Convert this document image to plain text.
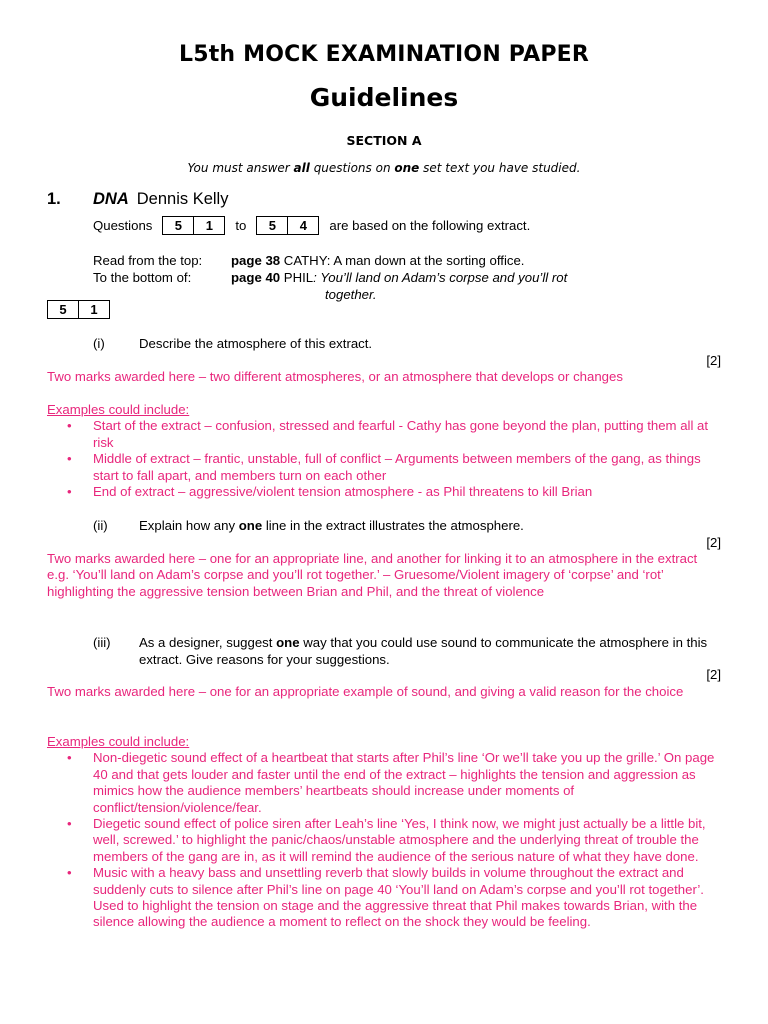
L5th MOCK EXAMINATION PAPER
Guidelines
SECTION A
You must answer all questions on one set text you have studied.
1. DNA Dennis Kelly
Questions	5	1	to	5	4	are based on the following extract.
Read from the top: page 38 CATHY: A man down at the sorting office.
To the bottom of:	page 40 PHIL: You’ll land on Adam’s corpse and you’ll rot
together.
5	1
(i)	Describe the atmosphere of this extract.
[2]
Two marks awarded here – two different atmospheres, or an atmosphere that develops or changes
Examples could include:
• Start of the extract – confusion, stressed and fearful - Cathy has gone beyond the plan, putting them all at risk
• Middle of extract – frantic, unstable, full of conflict – Arguments between members of the gang, as things start to fall apart, and members turn on each other
• End of extract – aggressive/violent tension atmosphere - as Phil threatens to kill Brian
(ii) Explain how any one line in the extract illustrates the atmosphere.
[2]
Two marks awarded here – one for an appropriate line, and another for linking it to an atmosphere in the extract
e.g. ‘You’ll land on Adam’s corpse and you’ll rot together.’ – Gruesome/Violent imagery of ‘corpse’ and ‘rot’ highlighting the aggressive tension between Brian and Phil, and the threat of violence
(iii) As a designer, suggest one way that you could use sound to communicate the atmosphere in this extract. Give reasons for your suggestions.
[2]
Two marks awarded here – one for an appropriate example of sound, and giving a valid reason for the choice
Examples could include:
• Non-diegetic sound effect of a heartbeat that starts after Phil’s line ‘Or we’ll take you up the grille.’ On page 40 and that gets louder and faster until the end of the extract – highlights the tension and aggression as mimics how the audience members’ heartbeats should increase under moments of conflict/tension/violence/fear.
• Diegetic sound effect of police siren after Leah’s line ‘Yes, I think now, we might just actually be a little bit, well, screwed.’ to highlight the panic/chaos/unstable atmosphere and the underlying threat of trouble the members of the gang are in, as it will remind the audience of the serious nature of what they have done.
• Music with a heavy bass and unsettling reverb that slowly builds in volume throughout the extract and suddenly cuts to silence after Phil’s line on page 40 ‘You’ll land on Adam’s corpse and you’ll rot together’. Used to highlight the tension on stage and the aggressive threat that Phil makes towards Brian, with the silence allowing the audience a moment to reflect on the shock they would be feeling.
